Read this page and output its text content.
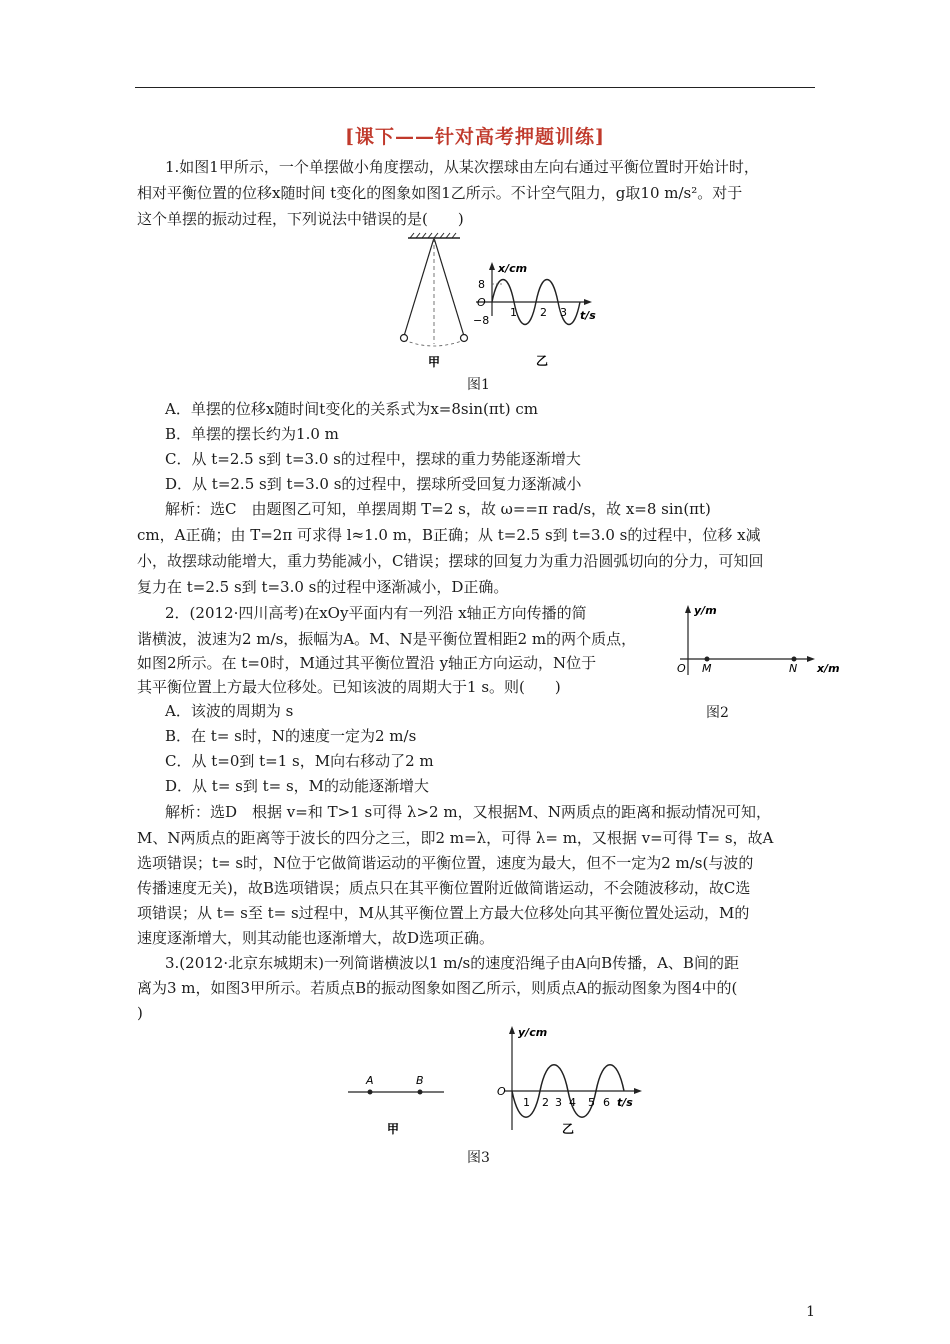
[课下——针对高考押题训练]
1.如图1甲所示，一个单摆做小角度摆动，从某次摆球由左向右通过平衡位置时开始计时，
相对平衡位置的位移x随时间 t变化的图象如图1乙所示。不计空气阻力，g取10 m/s²。对于
这个单摆的振动过程，下列说法中错误的是(　　)
甲
x/cm
t/s
8
O
−8
1 2 3
乙
图1
A．单摆的位移x随时间t变化的关系式为x=8sin(πt) cm
B．单摆的摆长约为1.0 m
C．从 t=2.5 s到 t=3.0 s的过程中，摆球的重力势能逐渐增大
D．从 t=2.5 s到 t=3.0 s的过程中，摆球所受回复力逐渐减小
解析：选C　由题图乙可知，单摆周期 T=2 s，故 ω==π rad/s，故 x=8 sin(πt)
cm，A正确；由 T=2π 可求得 l≈1.0 m，B正确；从 t=2.5 s到 t=3.0 s的过程中，位移 x减
小，故摆球动能增大，重力势能减小，C错误；摆球的回复力为重力沿圆弧切向的分力，可知回
复力在 t=2.5 s到 t=3.0 s的过程中逐渐减小，D正确。
2．(2012·四川高考)在xOy平面内有一列沿 x轴正方向传播的简
谐横波，波速为2 m/s，振幅为A。M、N是平衡位置相距2 m的两个质点，
如图2所示。在 t=0时，M通过其平衡位置沿 y轴正方向运动，N位于
其平衡位置上方最大位移处。已知该波的周期大于1 s。则(　　)
y/m
O M	N x/m
图2
A．该波的周期为 s
B．在 t= s时，N的速度一定为2 m/s
C．从 t=0到 t=1 s，M向右移动了2 m
D．从 t= s到 t= s，M的动能逐渐增大
解析：选D　根据 v=和 T>1 s可得 λ>2 m，又根据M、N两质点的距离和振动情况可知，
M、N两质点的距离等于波长的四分之三，即2 m=λ，可得 λ= m，又根据 v=可得 T= s，故A
选项错误；t= s时，N位于它做简谐运动的平衡位置，速度为最大，但不一定为2 m/s(与波的
传播速度无关)，故B选项错误；质点只在其平衡位置附近做简谐运动，不会随波移动，故C选
项错误；从 t= s至 t= s过程中，M从其平衡位置上方最大位移处向其平衡位置处运动，M的
速度逐渐增大，则其动能也逐渐增大，故D选项正确。
3.(2012·北京东城期末)一列简谐横波以1 m/s的速度沿绳子由A向B传播，A、B间的距
离为3 m，如图3甲所示。若质点B的振动图象如图乙所示，则质点A的振动图象为图4中的(
)
A	B
甲
y/cm
O
1 2 3 4 5 6 t/s
乙
图3
1
